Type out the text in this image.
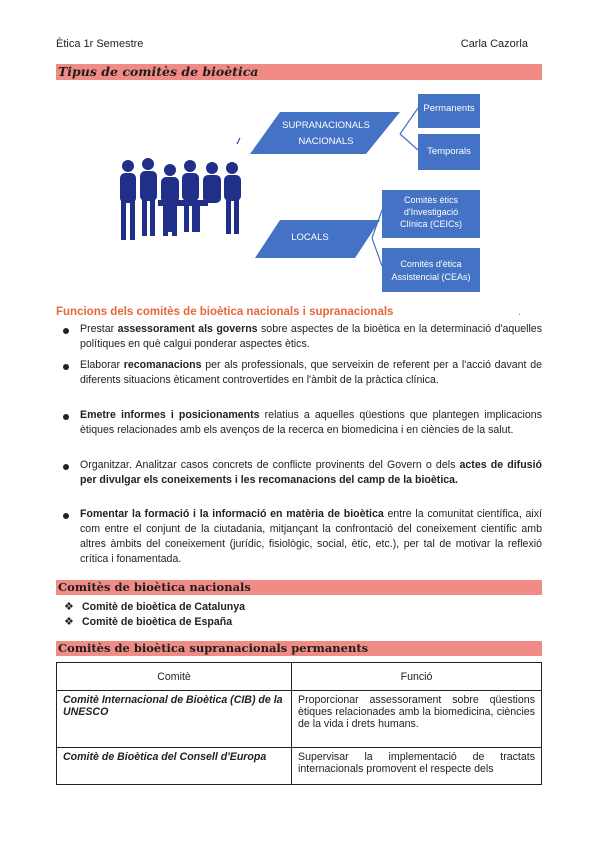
Ètica 1r Semestre	Carla Cazorla
Tipus de comitès de bioètica
SUPRANACIONALS
NACIONALS
Permanents
Temporals
LOCALS
Comitès ètics
d'Investigació
Clínica (CEICs)
Comitès d'ètica
Assistencial (CEAs)
Funcions dels comitès de bioètica nacionals i supranacionals	.
Prestar assessorament als governs sobre aspectes de la bioètica en la determinació d'aquelles polítiques en què calgui ponderar aspectes ètics.
Elaborar recomanacions per als professionals, que serveixin de referent per a l'acció davant de diferents situacions èticament controvertides en l'àmbit de la pràctica clínica.
Emetre informes i posicionaments relatius a aquelles qüestions que plantegen implicacions ètiques relacionades amb els avenços de la recerca en biomedicina i en ciències de la salut.
Organitzar. Analitzar casos concrets de conflicte provinents del Govern o dels actes de difusió per divulgar els coneixements i les recomanacions del camp de la bioètica.
Fomentar la formació i la informació en matèria de bioètica entre la comunitat científica, així com entre el conjunt de la ciutadania, mitjançant la confrontació del coneixement científic amb altres àmbits del coneixement (jurídic, fisiològic, social, ètic, etc.), per tal de motivar la reflexió crítica i fonamentada.
Comitès de bioètica nacionals
❖ Comitè de bioètica de Catalunya
❖ Comitè de bioètica de España
Comitès de bioètica supranacionals permanents
Comitè	Funció
Comitè Internacional de Bioètica (CIB) de la UNESCO	Proporcionar assessorament sobre qüestions ètiques relacionades amb la biomedicina, ciències de la vida i drets humans.
Comitè de Bioètica del Consell d'Europa	Supervisar la implementació de tractats internacionals promovent el respecte dels
